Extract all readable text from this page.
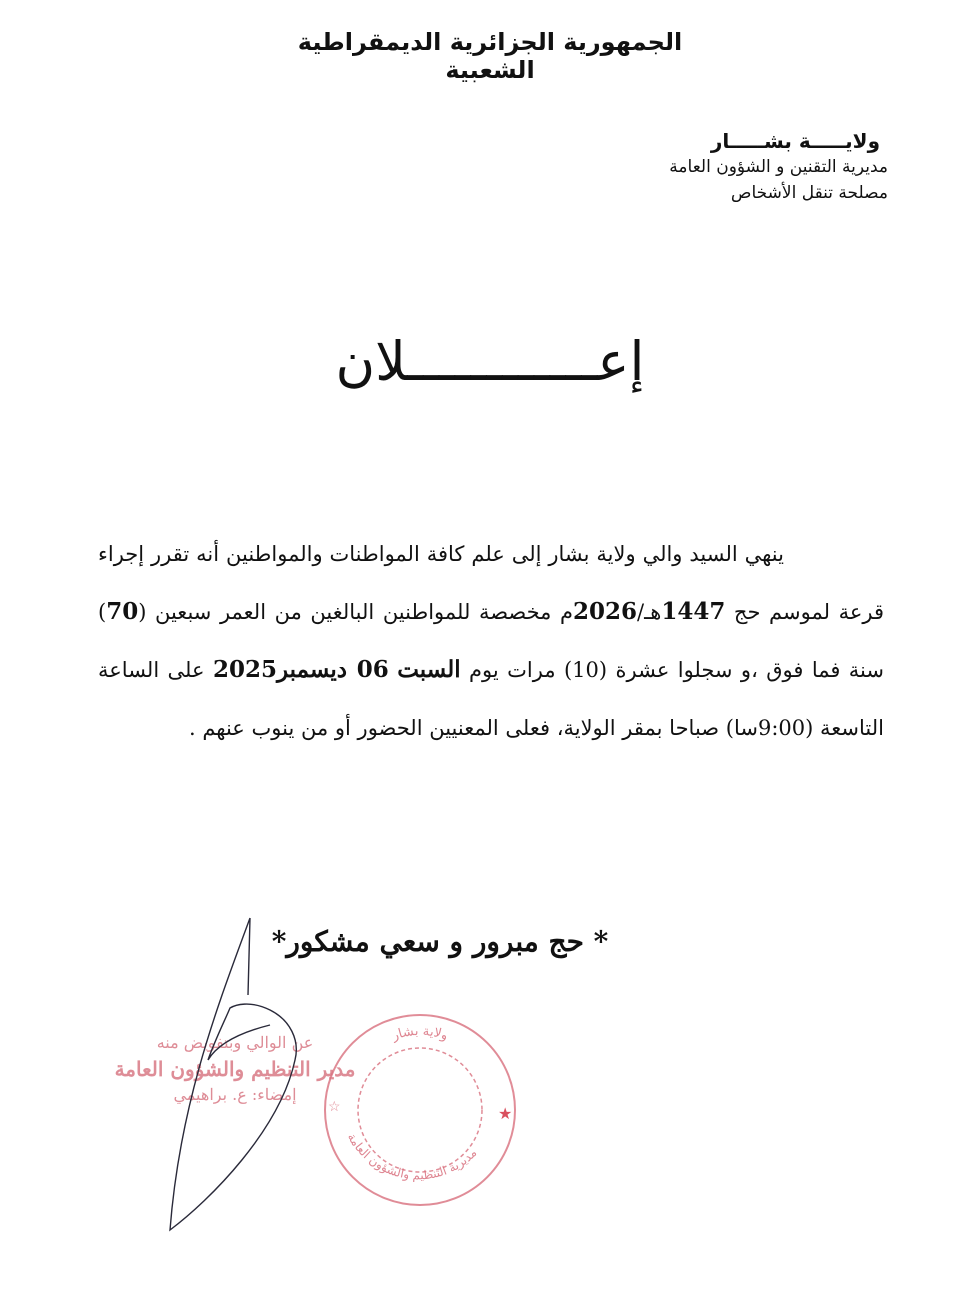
الجمهورية الجزائرية الديمقراطية الشعبية
ولايـــــة بشـــــار
مديرية التقنين و الشؤون العامة
مصلحة تنقل الأشخاص
إعــــــــــــلان

ينهي السيد والي ولاية بشار إلى علم كافة المواطنات والمواطنين أنه تقرر إجراء قرعة لموسم حج 1447هـ/2026م مخصصة للمواطنين البالغين من العمر سبعين (70) سنة فما فوق ،و سجلوا عشرة (10) مرات يوم السبت 06 ديسمبر2025 على الساعة التاسعة (9:00سا) صباحا بمقر الولاية، فعلى المعنيين الحضور أو من ينوب عنهم .

* حج مبرور و سعي مشكور*
عن الوالي وبتفويض منه
مدير التنظيم والشؤون العامة
إمضاء: ع. براهيمي
ولاية بشار
مديرية التنظيم والشؤون العامة
★
☆
